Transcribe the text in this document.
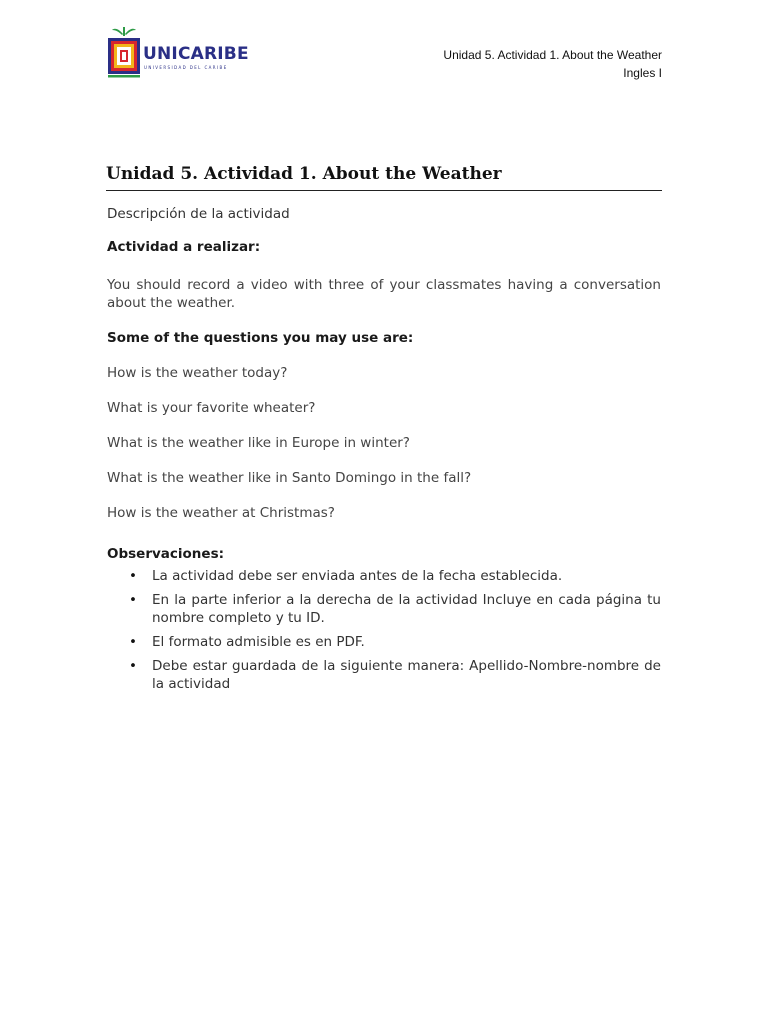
UNICARIBE
UNIVERSIDAD DEL CARIBE
Unidad 5. Actividad 1. About the Weather
Ingles I
Unidad 5. Actividad 1. About the Weather

Descripción de la actividad

Actividad a realizar:

You should record a video with three of your classmates having a conversation about the weather.

Some of the questions you may use are:

How is the weather today?

What is your favorite wheater?

What is the weather like in Europe in winter?

What is the weather like in Santo Domingo in the fall?

How is the weather at Christmas?

Observaciones:

• La actividad debe ser enviada antes de la fecha establecida.
• En la parte inferior a la derecha de la actividad Incluye en cada página tu nombre completo y tu ID.
• El formato admisible es en PDF.
• Debe estar guardada de la siguiente manera: Apellido-Nombre-nombre de la actividad
